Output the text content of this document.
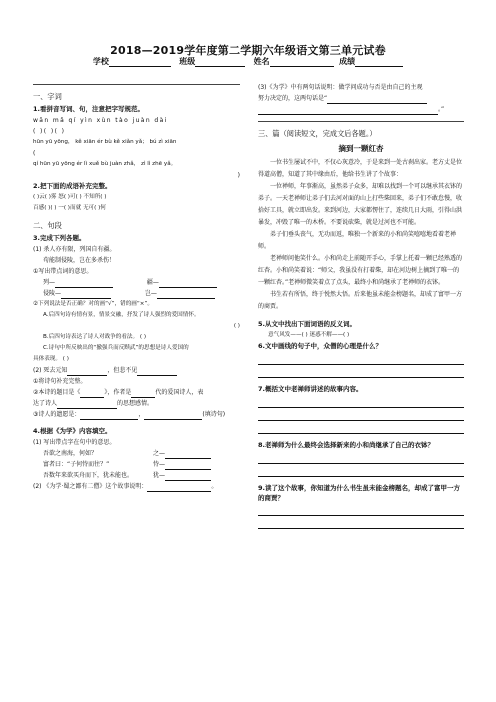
2018—2019学年度第二学期六年级语文第三单元试卷
学校	班级	姓名	成绩
一、字词
1.看拼音写词、句，注意把字写规范。
wān mǎ qí yìn xùn tào juàn dài
( )( )( )
hūn yū yōng， kě xiān ér bù kě xiǎn yǎ； bú zì xiān
(
qí hūn yū yōng ér lì xuě bù juàn zhǎ， zì lì zhē yǎ。
)
2.把下面的成语补充完整。
( )云( )雾 怒( )可( ) 不知所( )
百感( )( ) 一( )而就 无可( )何
二、句段
3.完成下列各题。
(1) 杀人亦有限，列国自有疆。
苟能制侵陵，岂在多杀伤！
①写出带点词的意思。
列—	疆—
侵陵—	岂—
②下列说法是否正确？对的画“√”，错的画“×”。
A.后四句诗有情有景，情景交融，抒发了诗人强烈的爱国情怀。
( )
B.后四句诗表达了诗人对战争的看法。 ( )
C.诗句中所反映出的“撤强兵而反黩武”的思想是诗人爱国的
具体表现。 ( )
(2) 死去元知	，但悲不见
①将诗句补充完整。
②本诗的题目是《	》，作者是	代的爱国诗人，表
达了诗人	的思想感情。
③诗人的遗愿是：	，	(填诗句)
4.根据《为学》内容填空。
(1) 写出带点字在句中的意思。
吾欲之南海，何如？	之—
富者曰：“子何恃而往？”	恃—
吾数年来欲买舟而下，犹未能也。	犹—
(2) 《为学·蜀之鄙有二僧》这个故事说明：	。
(3)《为学》中有两句话说明：做学问成功与否是由自己的主观
努力决定的，这两句话是“
。”
三、篇（阅读短文，完成文后各题。）
摘到一颗红杏

一位书生屡试不中，不仅心灰意冷，于是来到一处古刹出家。老方丈是位得道高僧，知道了其中缘由后，他给书生讲了个故事：

一位禅师，年事渐高，虽然弟子众多，却难以找到一个可以继承其衣钵的弟子。一天老禅师让弟子们去河对面的山上打些柴回来，弟子们不敢怠慢，收拾好工具，就立即出发。来到河边，大家都愣住了，连续几日大雨，引得山洪暴发，冲毁了唯一的木桥。不要说砍柴，就是过河也不可能。

弟子们垂头丧气，无功而返，唯独一个新来的小和尚笑嘻嘻地看着老禅师。

老禅师问他笑什么。小和尚走上前随开手心，手掌上托着一颗已经熟透的红杏。小和尚笑着说：“师父，我虽没有打着柴，却在河边树上摘到了唯一的一颗红杏。”老禅师微笑着点了点头，最终小和尚继承了老禅师的衣钵。

书生若有所悟，终于悦然大悟。后来他虽未能金榜题名，却成了富甲一方的商贾。

5.从文中找出下面词语的反义词。
意气风发——( ) 迷惑不解——( )
6.文中画线的句子中，众僧的心理是什么？
7.概括文中老禅师讲述的故事内容。
8.老禅师为什么最终会选择新来的小和尚继承了自己的衣钵？
9.读了这个故事，你知道为什么书生虽未能金榜题名，却成了富甲一方的商贾？
